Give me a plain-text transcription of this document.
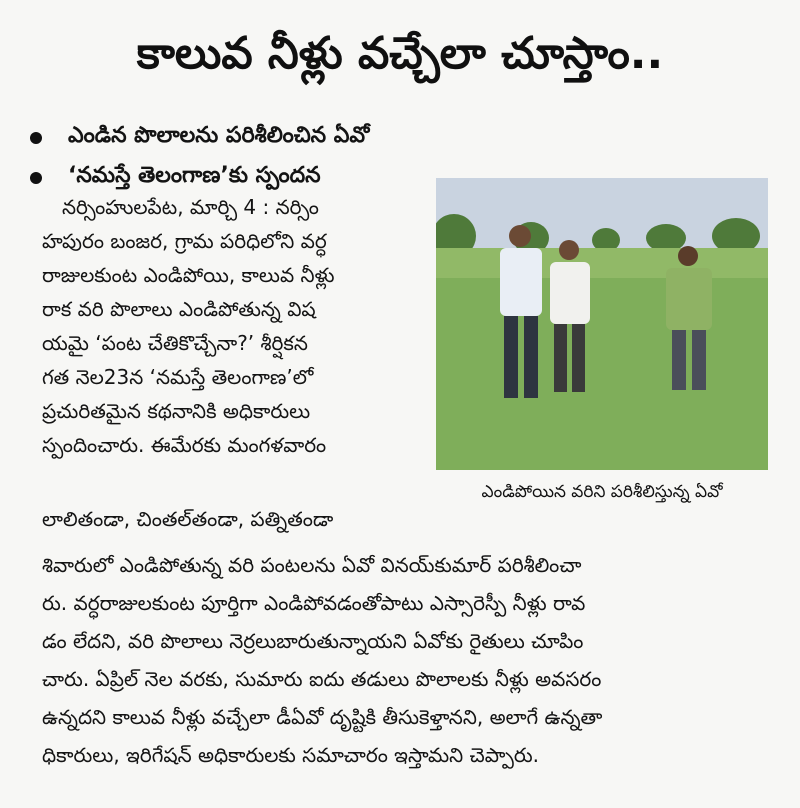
కాలువ నీళ్లు వచ్చేలా చూస్తాం..
ఎండిన పొలాలను పరిశీలించిన ఏవో
‘నమస్తే తెలంగాణ’కు స్పందన
ఎండిపోయిన వరిని పరిశీలిస్తున్న ఏవో
నర్సింహులపేట, మార్చి 4 : నర్సిం
హపురం బంజర, గ్రామ పరిధిలోని వర్ధ
రాజులకుంట ఎండిపోయి, కాలువ నీళ్లు
రాక వరి పొలాలు ఎండిపోతున్న విష
యమై ‘పంట చేతికొచ్చేనా?’ శీర్షికన
గత నెల23న ‘నమస్తే తెలంగాణ’లో
ప్రచురితమైన కథనానికి అధికారులు
స్పందించారు. ఈమేరకు మంగళవారం
లాలితండా, చింతల్‌తండా, పత్నితండా
శివారులో ఎండిపోతున్న వరి పంటలను ఏవో వినయ్‌కుమార్ పరిశీలించా
రు. వర్ధరాజులకుంట పూర్తిగా ఎండిపోవడంతోపాటు ఎస్సారెస్పీ నీళ్లు రావ
డం లేదని, వరి పొలాలు నెర్రలుబారుతున్నాయని ఏవోకు రైతులు చూపిం
చారు. ఏప్రిల్ నెల వరకు, సుమారు ఐదు తడులు పొలాలకు నీళ్లు అవసరం
ఉన్నదని కాలువ నీళ్లు వచ్చేలా డీఏవో దృష్టికి తీసుకెళ్తానని, అలాగే ఉన్నతా
ధికారులు, ఇరిగేషన్ అధికారులకు సమాచారం ఇస్తామని చెప్పారు.
